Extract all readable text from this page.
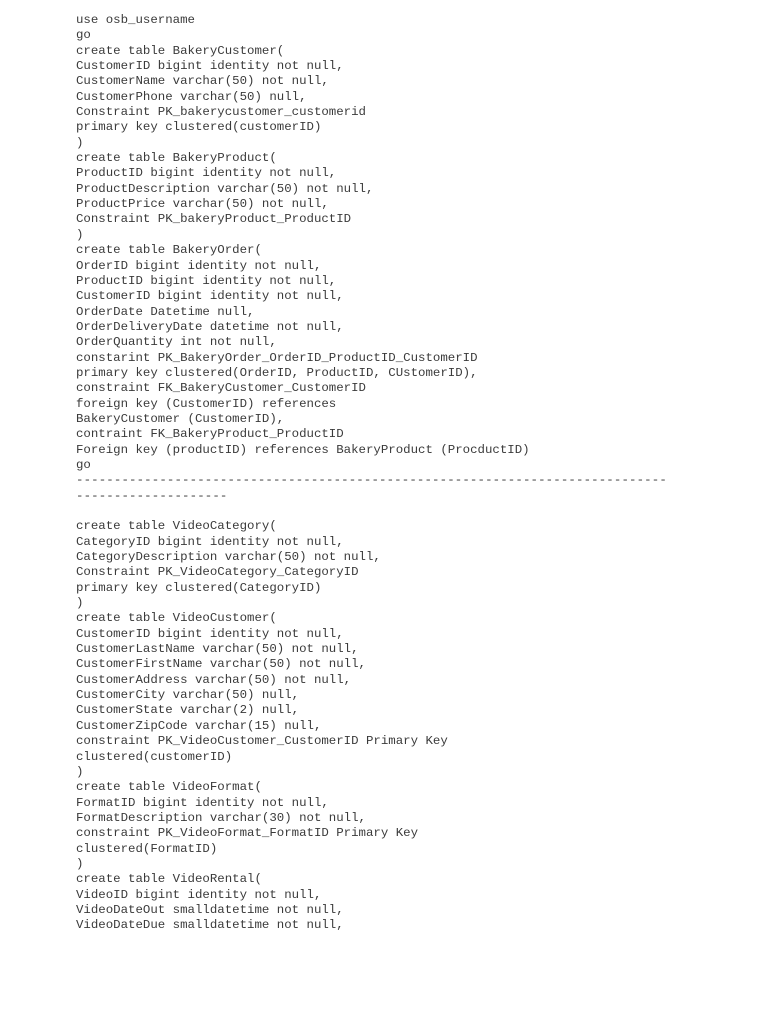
use osb_username
go
create table BakeryCustomer(
CustomerID bigint identity not null,
CustomerName varchar(50) not null,
CustomerPhone varchar(50) null,
Constraint PK_bakerycustomer_customerid
primary key clustered(customerID)
)
create table BakeryProduct(
ProductID bigint identity not null,
ProductDescription varchar(50) not null,
ProductPrice varchar(50) not null,
Constraint PK_bakeryProduct_ProductID
)
create table BakeryOrder(
OrderID bigint identity not null,
ProductID bigint identity not null,
CustomerID bigint identity not null,
OrderDate Datetime null,
OrderDeliveryDate datetime not null,
OrderQuantity int not null,
constarint PK_BakeryOrder_OrderID_ProductID_CustomerID
primary key clustered(OrderID, ProductID, CUstomerID),
constraint FK_BakeryCustomer_CustomerID
foreign key (CustomerID) references
BakeryCustomer (CustomerID),
contraint FK_BakeryProduct_ProductID
Foreign key (productID) references BakeryProduct (ProcductID)
go
------------------------------------------------------------------------------
--------------------
create table VideoCategory(
CategoryID bigint identity not null,
CategoryDescription varchar(50) not null,
Constraint PK_VideoCategory_CategoryID
primary key clustered(CategoryID)
)
create table VideoCustomer(
CustomerID bigint identity not null,
CustomerLastName varchar(50) not null,
CustomerFirstName varchar(50) not null,
CustomerAddress varchar(50) not null,
CustomerCity varchar(50) null,
CustomerState varchar(2) null,
CustomerZipCode varchar(15) null,
constraint PK_VideoCustomer_CustomerID Primary Key
clustered(customerID)
)
create table VideoFormat(
FormatID bigint identity not null,
FormatDescription varchar(30) not null,
constraint PK_VideoFormat_FormatID Primary Key
clustered(FormatID)
)
create table VideoRental(
VideoID bigint identity not null,
VideoDateOut smalldatetime not null,
VideoDateDue smalldatetime not null,
